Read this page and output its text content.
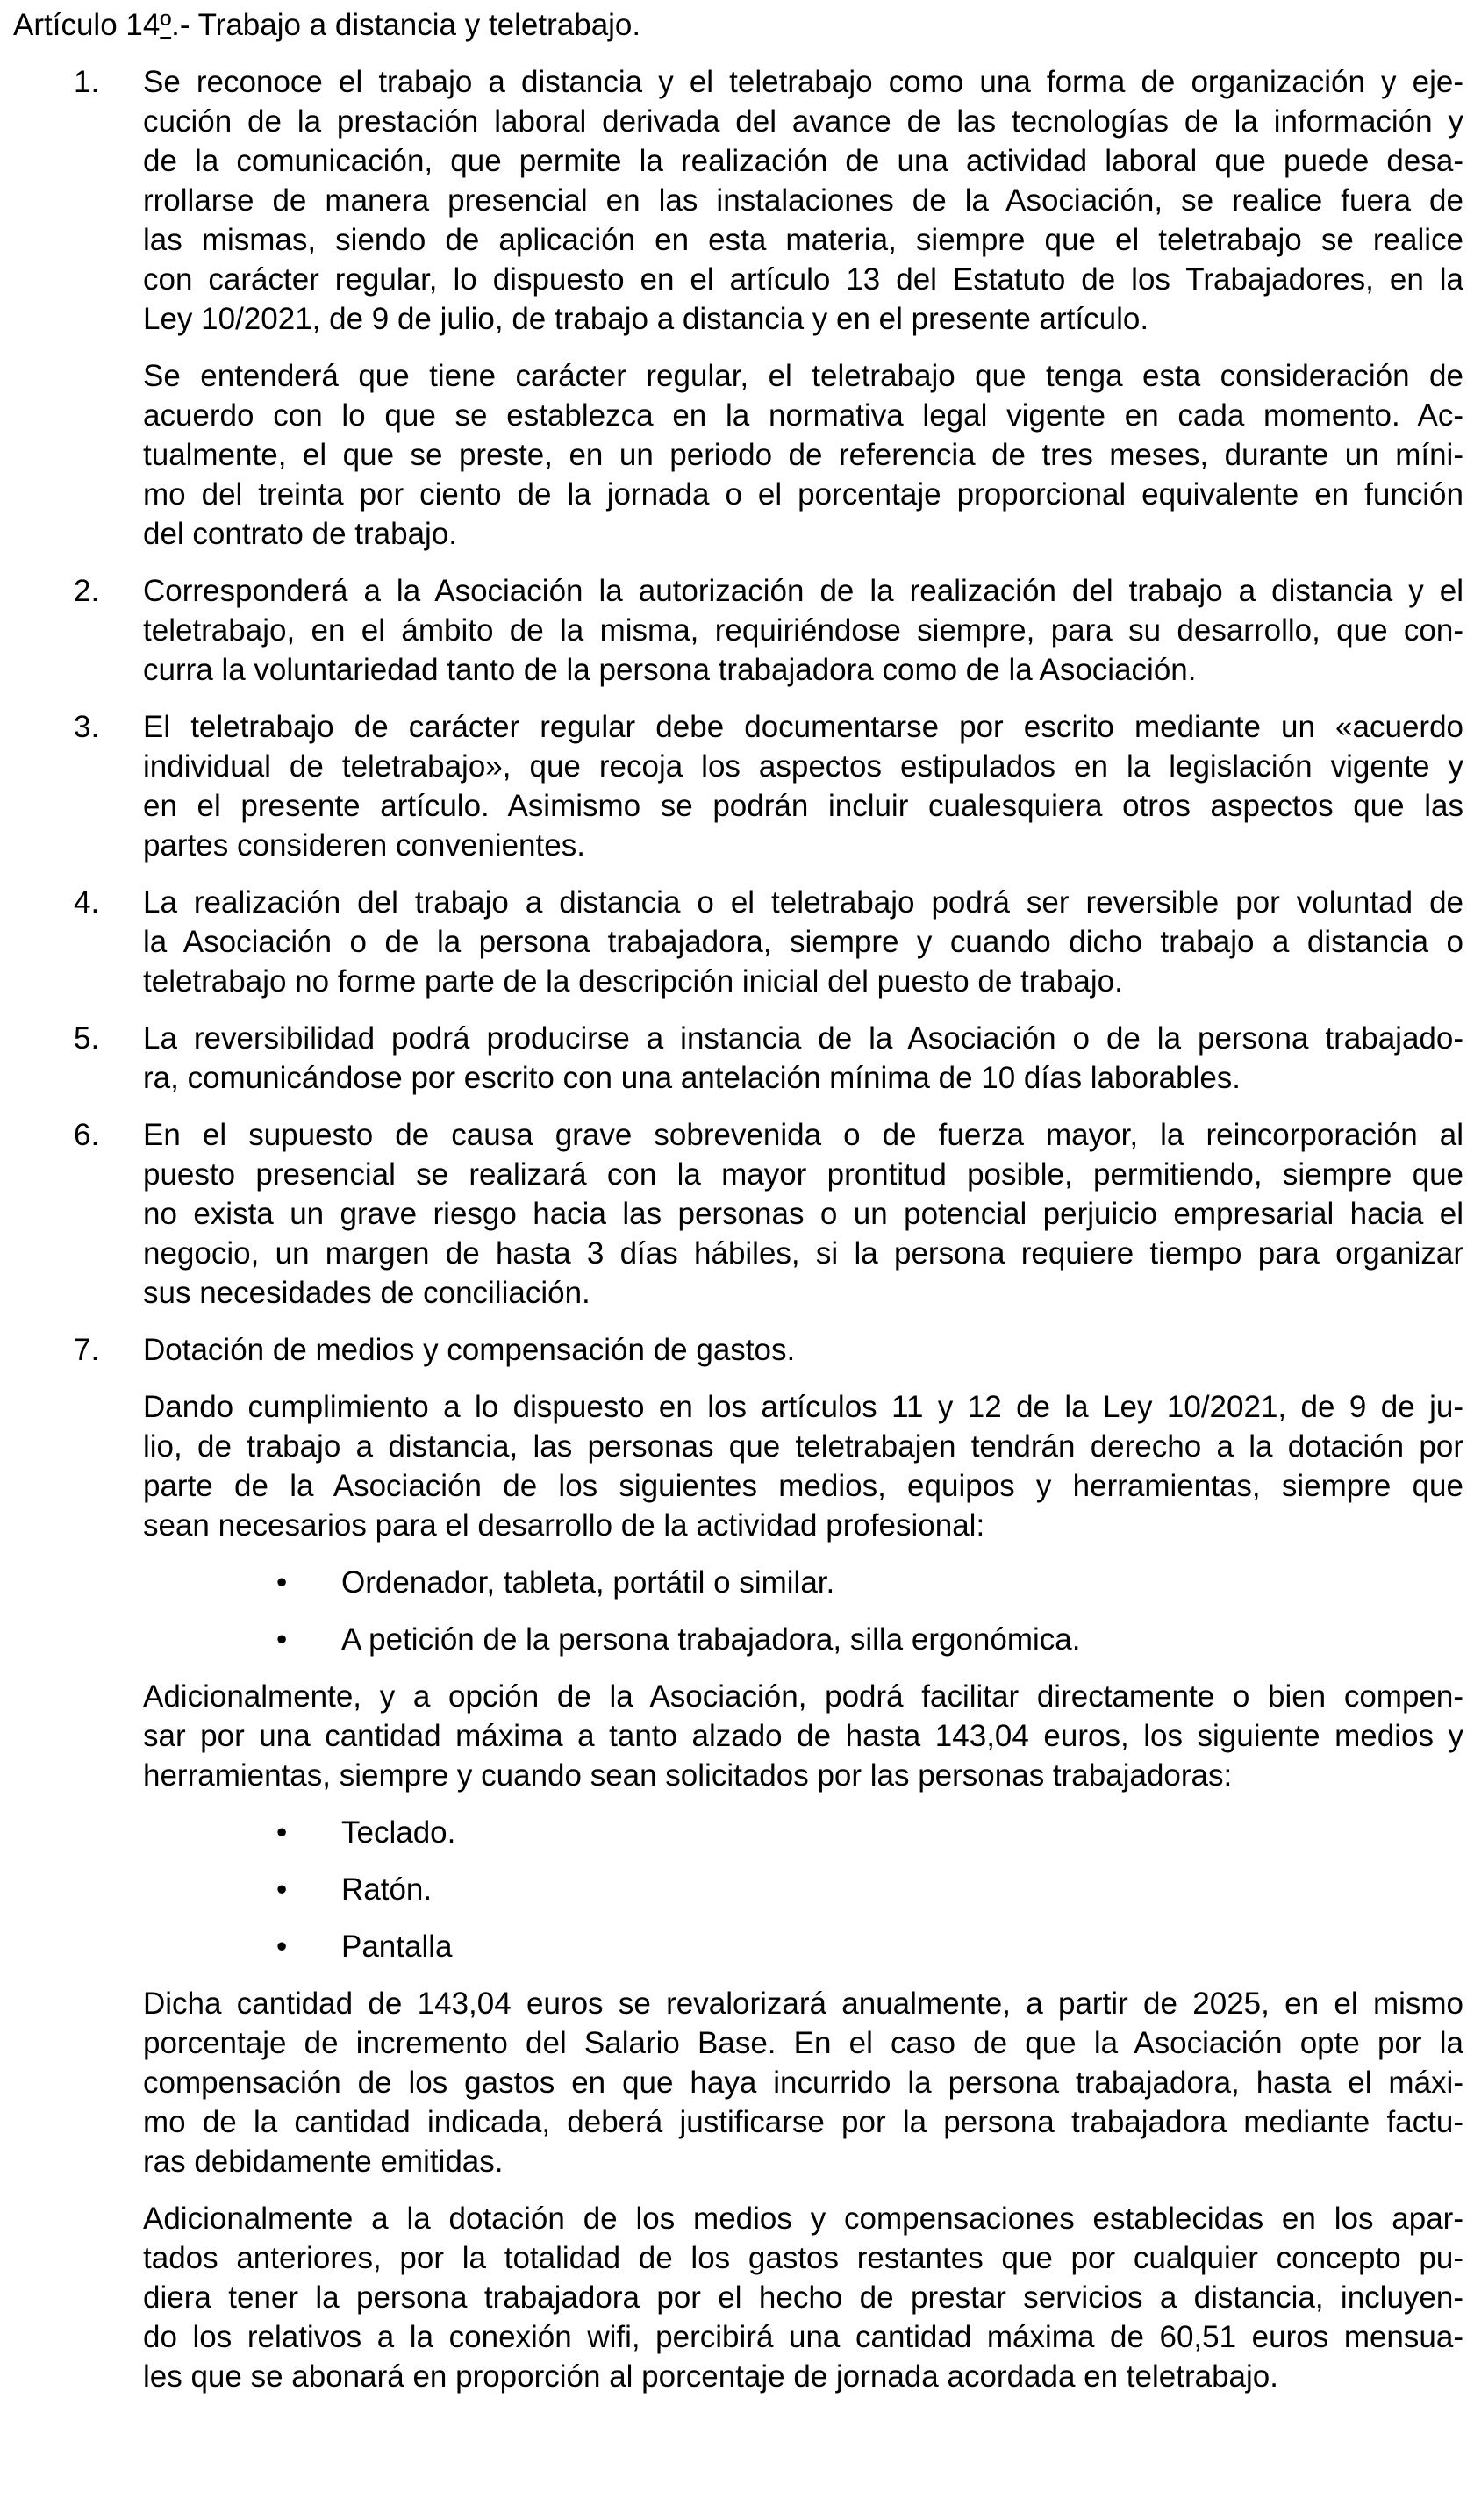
Artículo 14º.- Trabajo a distancia y teletrabajo.
1.	Se reconoce el trabajo a distancia y el teletrabajo como una forma de organización y eje-
cución de la prestación laboral derivada del avance de las tecnologías de la información y
de la comunicación, que permite la realización de una actividad laboral que puede desa-
rrollarse de manera presencial en las instalaciones de la Asociación, se realice fuera de
las mismas, siendo de aplicación en esta materia, siempre que el teletrabajo se realice
con carácter regular, lo dispuesto en el artículo 13 del Estatuto de los Trabajadores, en la
Ley 10/2021, de 9 de julio, de trabajo a distancia y en el presente artículo.
Se entenderá que tiene carácter regular, el teletrabajo que tenga esta consideración de
acuerdo con lo que se establezca en la normativa legal vigente en cada momento. Ac-
tualmente, el que se preste, en un periodo de referencia de tres meses, durante un míni-
mo del treinta por ciento de la jornada o el porcentaje proporcional equivalente en función
del contrato de trabajo.
2.	Corresponderá a la Asociación la autorización de la realización del trabajo a distancia y el
teletrabajo, en el ámbito de la misma, requiriéndose siempre, para su desarrollo, que con-
curra la voluntariedad tanto de la persona trabajadora como de la Asociación.
3.	El teletrabajo de carácter regular debe documentarse por escrito mediante un «acuerdo
individual de teletrabajo», que recoja los aspectos estipulados en la legislación vigente y
en el presente artículo. Asimismo se podrán incluir cualesquiera otros aspectos que las
partes consideren convenientes.
4.	La realización del trabajo a distancia o el teletrabajo podrá ser reversible por voluntad de
la Asociación o de la persona trabajadora, siempre y cuando dicho trabajo a distancia o
teletrabajo no forme parte de la descripción inicial del puesto de trabajo.
5.	La reversibilidad podrá producirse a instancia de la Asociación o de la persona trabajado-
ra, comunicándose por escrito con una antelación mínima de 10 días laborables.
6.	En el supuesto de causa grave sobrevenida o de fuerza mayor, la reincorporación al
puesto presencial se realizará con la mayor prontitud posible, permitiendo, siempre que
no exista un grave riesgo hacia las personas o un potencial perjuicio empresarial hacia el
negocio, un margen de hasta 3 días hábiles, si la persona requiere tiempo para organizar
sus necesidades de conciliación.
7.	Dotación de medios y compensación de gastos.
Dando cumplimiento a lo dispuesto en los artículos 11 y 12 de la Ley 10/2021, de 9 de ju-
lio, de trabajo a distancia, las personas que teletrabajen tendrán derecho a la dotación por
parte de la Asociación de los siguientes medios, equipos y herramientas, siempre que
sean necesarios para el desarrollo de la actividad profesional:
•	Ordenador, tableta, portátil o similar.
•	A petición de la persona trabajadora, silla ergonómica.
Adicionalmente, y a opción de la Asociación, podrá facilitar directamente o bien compen-
sar por una cantidad máxima a tanto alzado de hasta 143,04 euros, los siguiente medios y
herramientas, siempre y cuando sean solicitados por las personas trabajadoras:
•	Teclado.
•	Ratón.
•	Pantalla
Dicha cantidad de 143,04 euros se revalorizará anualmente, a partir de 2025, en el mismo
porcentaje de incremento del Salario Base. En el caso de que la Asociación opte por la
compensación de los gastos en que haya incurrido la persona trabajadora, hasta el máxi-
mo de la cantidad indicada, deberá justificarse por la persona trabajadora mediante factu-
ras debidamente emitidas.
Adicionalmente a la dotación de los medios y compensaciones establecidas en los apar-
tados anteriores, por la totalidad de los gastos restantes que por cualquier concepto pu-
diera tener la persona trabajadora por el hecho de prestar servicios a distancia, incluyen-
do los relativos a la conexión wifi, percibirá una cantidad máxima de 60,51 euros mensua-
les que se abonará en proporción al porcentaje de jornada acordada en teletrabajo.
